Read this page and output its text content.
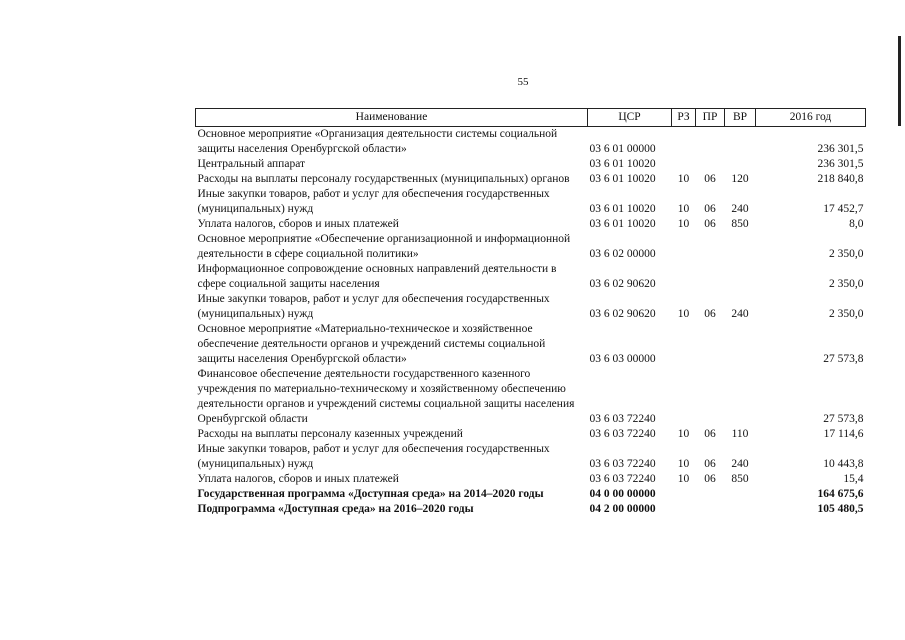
55
Наименование	ЦСР	РЗ	ПР	ВР	2016 год
Основное мероприятие «Организация деятельности системы социальной защиты населения Оренбургской области»	03 6 01 00000				236 301,5
Центральный аппарат	03 6 01 10020				236 301,5
Расходы на выплаты персоналу государственных (муниципальных) органов	03 6 01 10020	10	06	120	218 840,8
Иные закупки товаров, работ и услуг для обеспечения государственных (муниципальных) нужд	03 6 01 10020	10	06	240	17 452,7
Уплата налогов, сборов и иных платежей	03 6 01 10020	10	06	850	8,0
Основное мероприятие «Обеспечение организационной и информационной деятельности в сфере социальной политики»	03 6 02 00000				2 350,0
Информационное сопровождение основных направлений деятельности в сфере социальной защиты населения	03 6 02 90620				2 350,0
Иные закупки товаров, работ и услуг для обеспечения государственных (муниципальных) нужд	03 6 02 90620	10	06	240	2 350,0
Основное мероприятие «Материально-техническое и хозяйственное обеспечение деятельности органов и учреждений системы социальной защиты населения Оренбургской области»	03 6 03 00000				27 573,8
Финансовое обеспечение деятельности государственного казенного учреждения по материально-техническому и хозяйственному обеспечению деятельности органов и учреждений системы социальной защиты населения Оренбургской области	03 6 03 72240				27 573,8
Расходы на выплаты персоналу казенных учреждений	03 6 03 72240	10	06	110	17 114,6
Иные закупки товаров, работ и услуг для обеспечения государственных (муниципальных) нужд	03 6 03 72240	10	06	240	10 443,8
Уплата налогов, сборов и иных платежей	03 6 03 72240	10	06	850	15,4
Государственная программа «Доступная среда» на 2014–2020 годы	04 0 00 00000				164 675,6
Подпрограмма «Доступная среда» на 2016–2020 годы	04 2 00 00000				105 480,5
